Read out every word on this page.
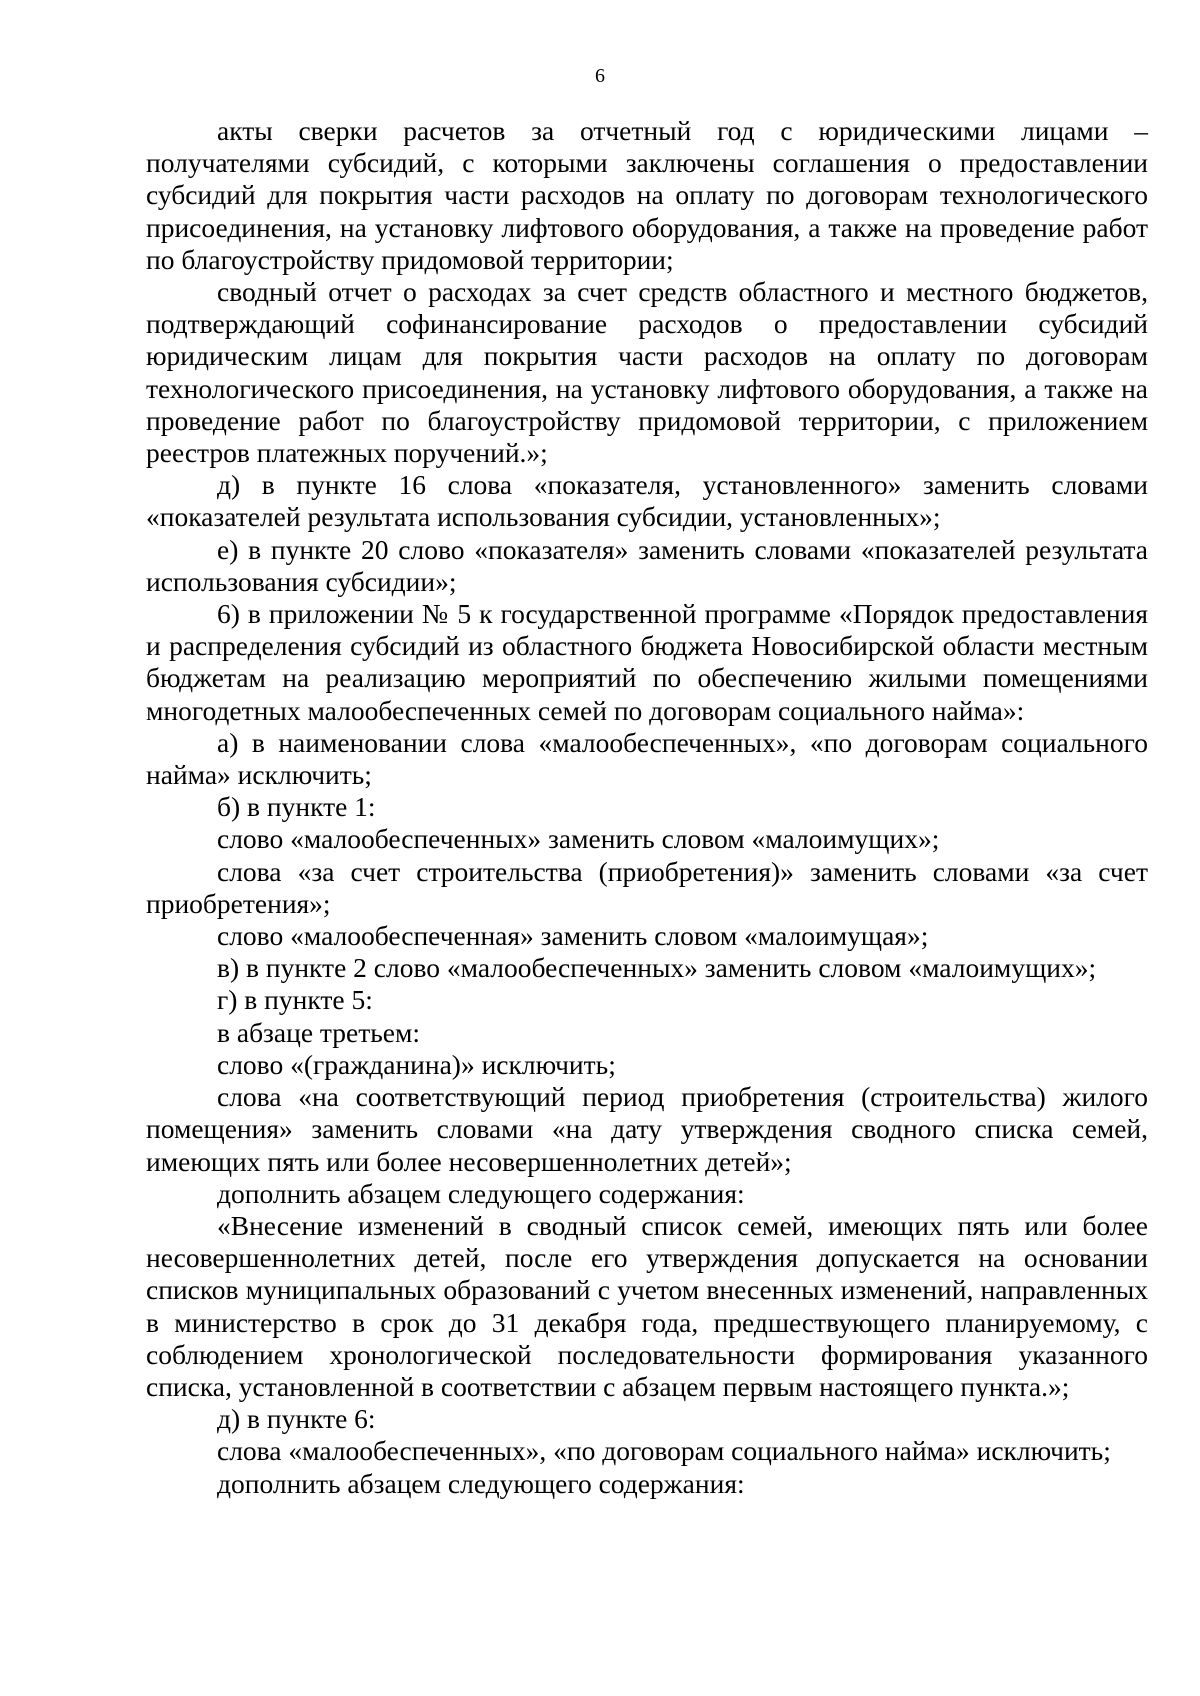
6

акты сверки расчетов за отчетный год с юридическими лицами – получателями субсидий, с которыми заключены соглашения о предоставлении субсидий для покрытия части расходов на оплату по договорам технологического присоединения, на установку лифтового оборудования, а также на проведение работ по благоустройству придомовой территории;

сводный отчет о расходах за счет средств областного и местного бюджетов, подтверждающий софинансирование расходов о предоставлении субсидий юридическим лицам для покрытия части расходов на оплату по договорам технологического присоединения, на установку лифтового оборудования, а также на проведение работ по благоустройству придомовой территории, с приложением реестров платежных поручений.»;

д) в пункте 16 слова «показателя, установленного» заменить словами «показателей результата использования субсидии, установленных»;

е) в пункте 20 слово «показателя» заменить словами «показателей результата использования субсидии»;

6) в приложении № 5 к государственной программе «Порядок предоставления и распределения субсидий из областного бюджета Новосибирской области местным бюджетам на реализацию мероприятий по обеспечению жилыми помещениями многодетных малообеспеченных семей по договорам социального найма»:

а) в наименовании слова «малообеспеченных», «по договорам социального найма» исключить;

б) в пункте 1:

слово «малообеспеченных» заменить словом «малоимущих»;

слова «за счет строительства (приобретения)» заменить словами «за счет приобретения»;

слово «малообеспеченная» заменить словом «малоимущая»;

в) в пункте 2 слово «малообеспеченных» заменить словом «малоимущих»;

г) в пункте 5:

в абзаце третьем:

слово «(гражданина)» исключить;

слова «на соответствующий период приобретения (строительства) жилого помещения» заменить словами «на дату утверждения сводного списка семей, имеющих пять или более несовершеннолетних детей»;

дополнить абзацем следующего содержания:

«Внесение изменений в сводный список семей, имеющих пять или более несовершеннолетних детей, после его утверждения допускается на основании списков муниципальных образований с учетом внесенных изменений, направленных в министерство в срок до 31 декабря года, предшествующего планируемому, с соблюдением хронологической последовательности формирования указанного списка, установленной в соответствии с абзацем первым настоящего пункта.»;

д) в пункте 6:

слова «малообеспеченных», «по договорам социального найма» исключить;

дополнить абзацем следующего содержания:
